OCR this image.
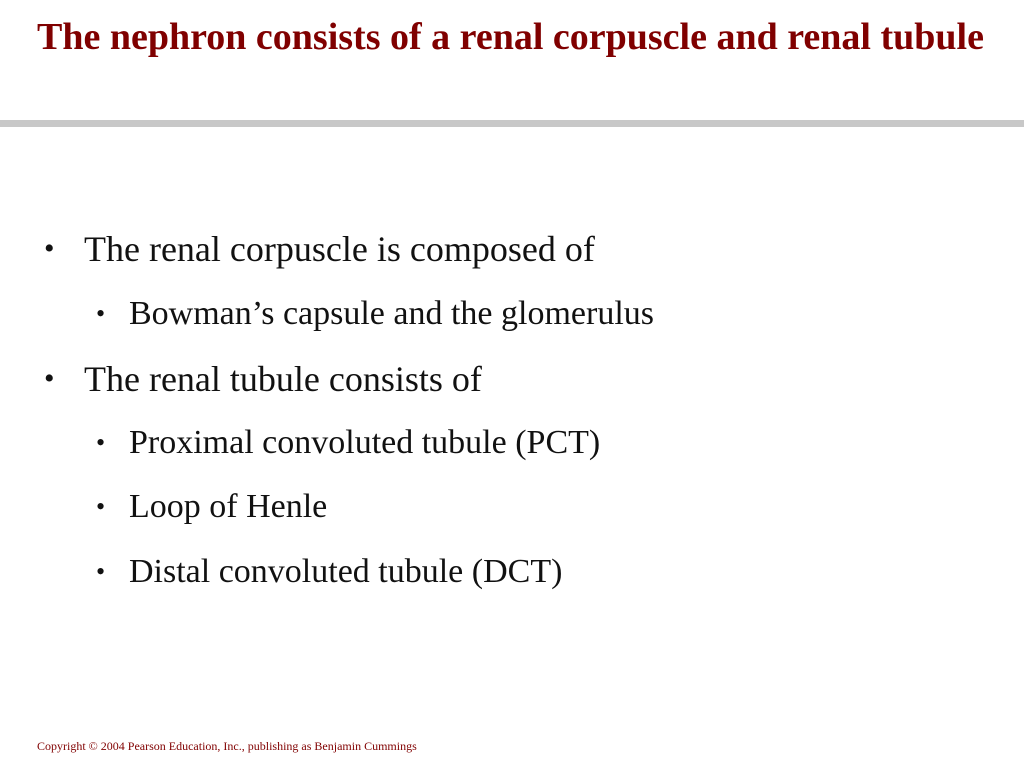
The nephron consists of a renal corpuscle and renal tubule
• The renal corpuscle is composed of
• Bowman’s capsule and the glomerulus
• The renal tubule consists of
• Proximal convoluted tubule (PCT)
• Loop of Henle
• Distal convoluted tubule (DCT)
Copyright © 2004 Pearson Education, Inc., publishing as Benjamin Cummings
